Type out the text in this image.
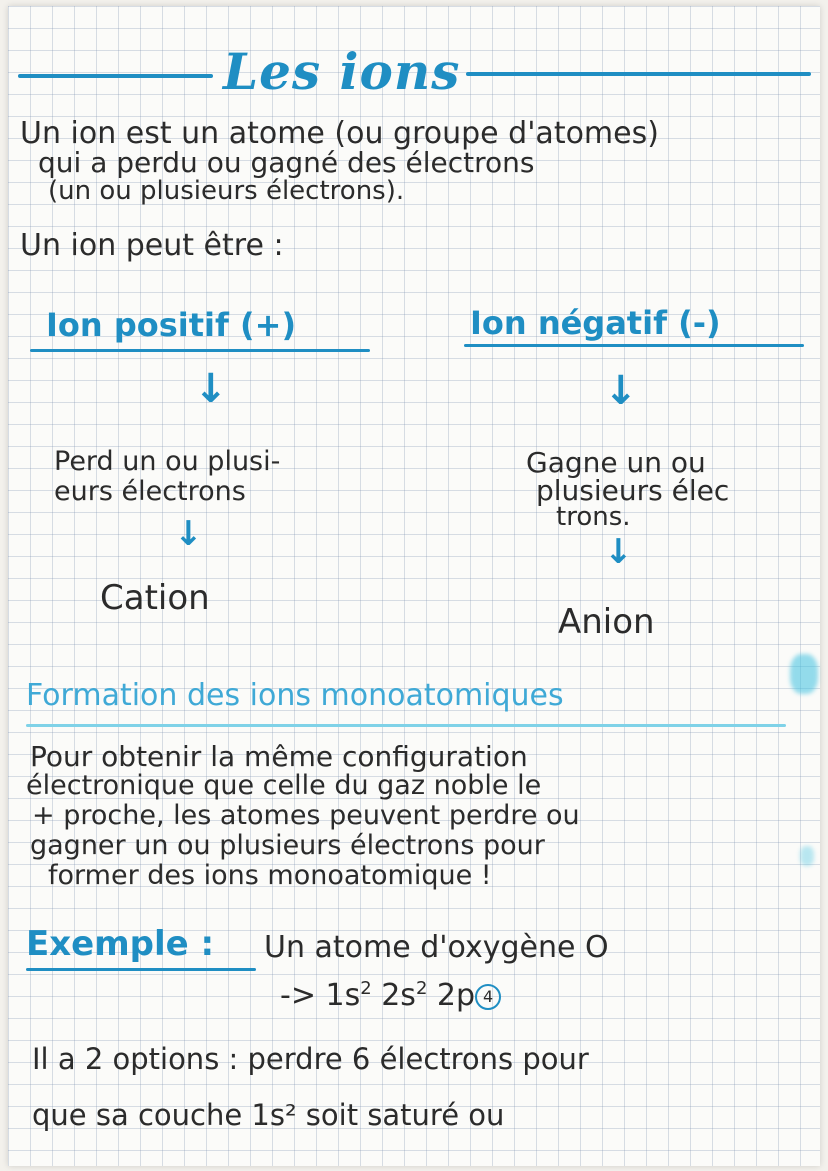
Les ions
Un ion est un atome (ou groupe d'atomes)
qui a perdu ou gagné des électrons
(un ou plusieurs électrons).
Un ion peut être :
Ion positif (+)
↓
Perd un ou plusi-
eurs électrons
↓
Cation
Ion négatif (-)
↓
Gagne un ou
plusieurs élec
trons.
↓
Anion
Formation des ions monoatomiques
Pour obtenir la même configuration
électronique que celle du gaz noble le
+ proche, les atomes peuvent perdre ou
gagner un ou plusieurs électrons pour
former des ions monoatomique !
Exemple : Un atome d'oxygène O
-> $1s^2$ $2s^2$ 2p 4
Il a 2 options : perdre 6 électrons pour
que sa couche 1s² soit saturé ou
